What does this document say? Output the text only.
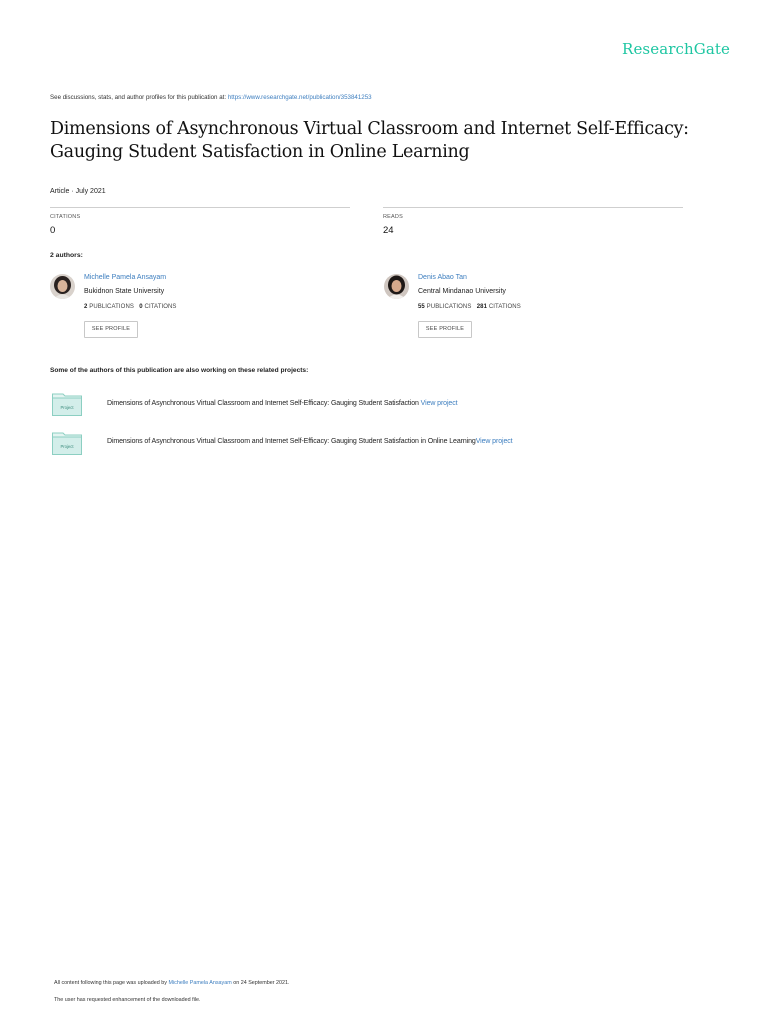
ResearchGate
See discussions, stats, and author profiles for this publication at: https://www.researchgate.net/publication/353841253
Dimensions of Asynchronous Virtual Classroom and Internet Self-Efficacy:
Gauging Student Satisfaction in Online Learning
Article · July 2021
CITATIONS
0
READS
24
2 authors:
Michelle Pamela Ansayam
Bukidnon State University
2 PUBLICATIONS 0 CITATIONS
SEE PROFILE
Denis Abao Tan
Central Mindanao University
55 PUBLICATIONS 281 CITATIONS
SEE PROFILE
Some of the authors of this publication are also working on these related projects:
Project
Dimensions of Asynchronous Virtual Classroom and Internet Self-Efficacy: Gauging Student Satisfaction View project
Project
Dimensions of Asynchronous Virtual Classroom and Internet Self-Efficacy: Gauging Student Satisfaction in Online LearningView project
All content following this page was uploaded by Michelle Pamela Ansayam on 24 September 2021.
The user has requested enhancement of the downloaded file.
